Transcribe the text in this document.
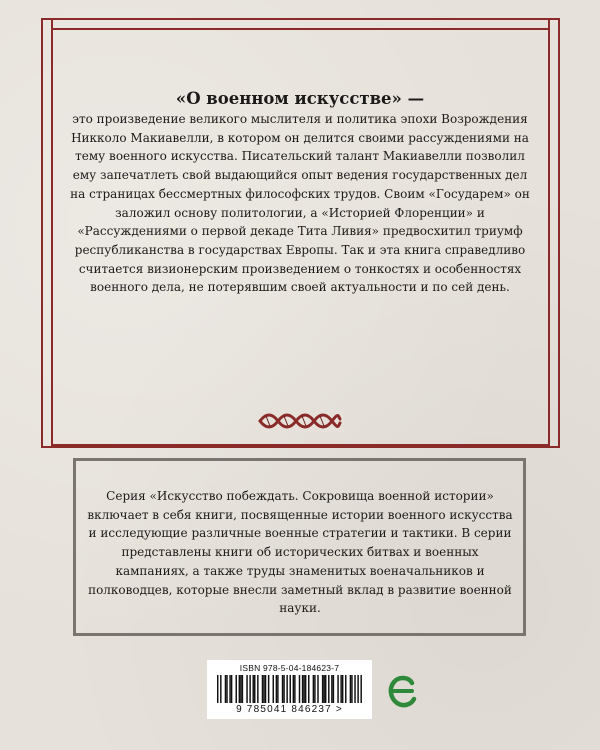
«О военном искусстве» —
это произведение великого мыслителя и политика эпохи Возрождения Никколо Макиавелли, в котором он делится своими рассуждениями на тему военного искусства. Писательский талант Макиавелли позволил ему запечатлеть свой выдающийся опыт ведения государственных дел на страницах бессмертных философских трудов. Своим «Государем» он заложил основу политологии, а «Историей Флоренции» и «Рассуждениями о первой декаде Тита Ливия» предвосхитил триумф республиканства в государствах Европы. Так и эта книга справедливо считается визионерским произведением о тонкостях и особенностях военного дела, не потерявшим своей актуальности и по сей день.
Серия «Искусство побеждать. Сокровища военной истории» включает в себя книги, посвященные истории военного искусства и исследующие различные военные стратегии и тактики. В серии представлены книги об исторических битвах и военных кампаниях, а также труды знаменитых военачальников и полководцев, которые внесли заметный вклад в развитие военной науки.
ISBN 978-5-04-184623-7
9 785041 846237 >
